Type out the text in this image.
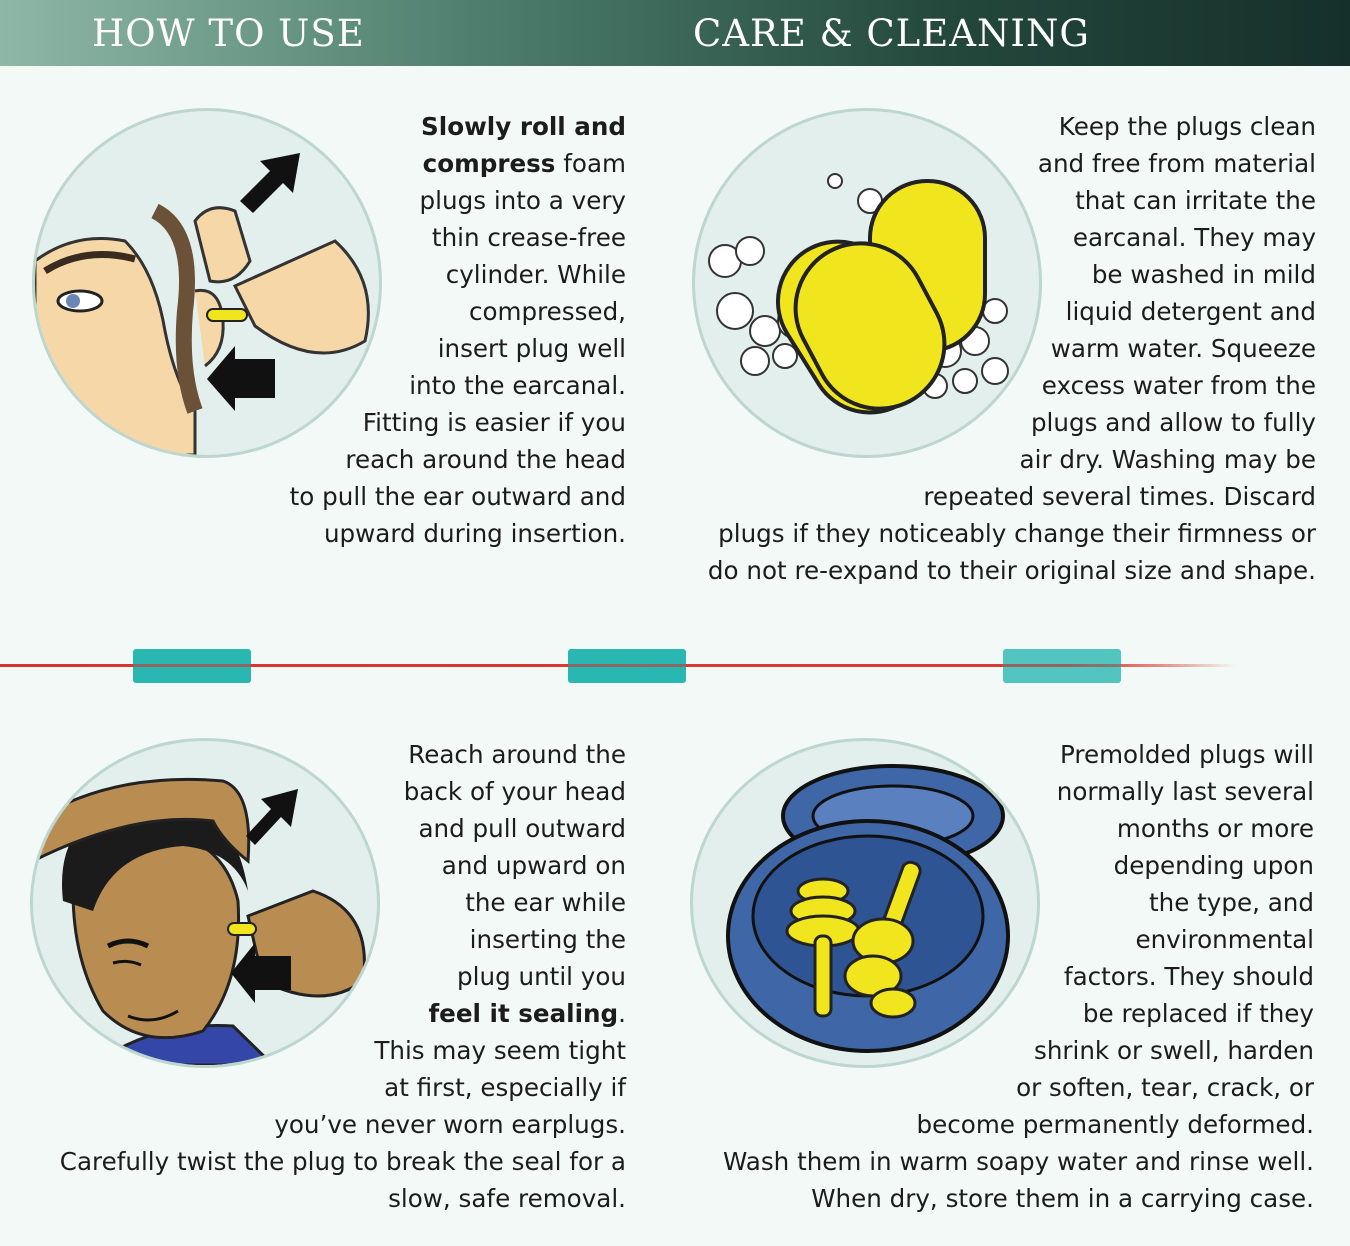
HOW TO USE	CARE & CLEANING
Slowly roll and
compress foam
plugs into a very
thin crease-free
cylinder. While
compressed,
insert plug well
into the earcanal.
Fitting is easier if you
reach around the head
to pull the ear outward and
upward during insertion.
Keep the plugs clean
and free from material
that can irritate the
earcanal. They may
be washed in mild
liquid detergent and
warm water. Squeeze
excess water from the
plugs and allow to fully
air dry. Washing may be
repeated several times. Discard
plugs if they noticeably change their firmness or
do not re-expand to their original size and shape.
Reach around the
back of your head
and pull outward
and upward on
the ear while
inserting the
plug until you
feel it sealing.
This may seem tight
at first, especially if
you’ve never worn earplugs.
Carefully twist the plug to break the seal for a
slow, safe removal.
Premolded plugs will
normally last several
months or more
depending upon
the type, and
environmental
factors. They should
be replaced if they
shrink or swell, harden
or soften, tear, crack, or
become permanently deformed.
Wash them in warm soapy water and rinse well.
When dry, store them in a carrying case.
